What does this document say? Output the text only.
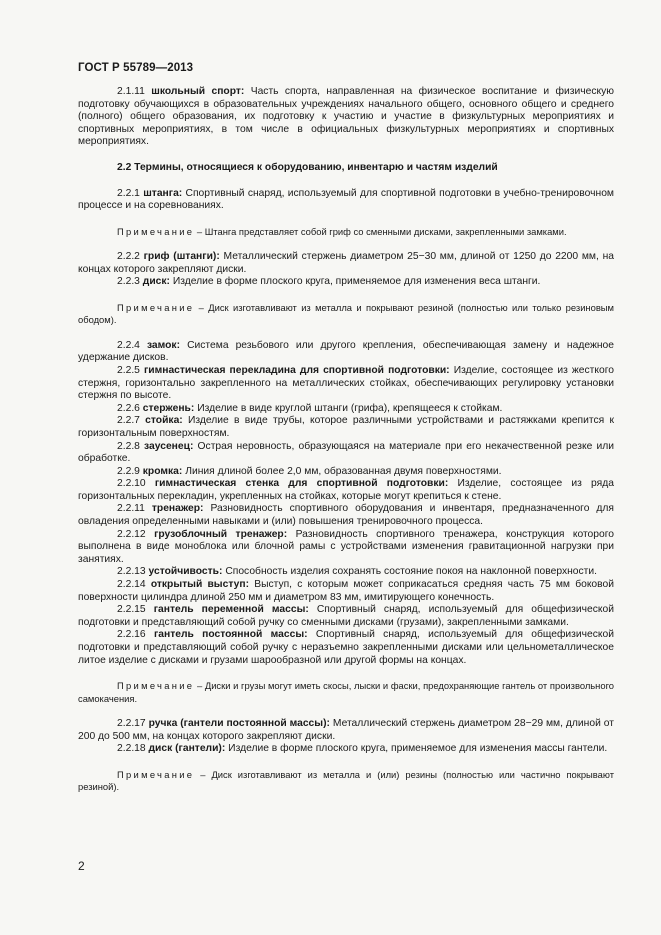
ГОСТ Р 55789—2013

2.1.11 школьный спорт: Часть спорта, направленная на физическое воспитание и физическую подготовку обучающихся в образовательных учреждениях начального общего, основного общего и среднего (полного) общего образования, их подготовку к участию и участие в физкультурных мероприятиях и спортивных мероприятиях, в том числе в официальных физкультурных мероприятиях и спортивных мероприятиях.

2.2 Термины, относящиеся к оборудованию, инвентарю и частям изделий

2.2.1 штанга: Спортивный снаряд, используемый для спортивной подготовки в учебно-тренировочном процессе и на соревнованиях.

Примечание – Штанга представляет собой гриф со сменными дисками, закрепленными замками.

2.2.2 гриф (штанги): Металлический стержень диаметром 25−30 мм, длиной от 1250 до 2200 мм, на концах которого закрепляют диски.

2.2.3 диск: Изделие в форме плоского круга, применяемое для изменения веса штанги.

Примечание – Диск изготавливают из металла и покрывают резиной (полностью или только резиновым ободом).

2.2.4 замок: Система резьбового или другого крепления, обеспечивающая замену и надежное удержание дисков.

2.2.5 гимнастическая перекладина для спортивной подготовки: Изделие, состоящее из жесткого стержня, горизонтально закрепленного на металлических стойках, обеспечивающих регулировку установки стержня по высоте.

2.2.6 стержень: Изделие в виде круглой штанги (грифа), крепящееся к стойкам.

2.2.7 стойка: Изделие в виде трубы, которое различными устройствами и растяжками крепится к горизонтальным поверхностям.

2.2.8 заусенец: Острая неровность, образующаяся на материале при его некачественной резке или обработке.

2.2.9 кромка: Линия длиной более 2,0 мм, образованная двумя поверхностями.

2.2.10 гимнастическая стенка для спортивной подготовки: Изделие, состоящее из ряда горизонтальных перекладин, укрепленных на стойках, которые могут крепиться к стене.

2.2.11 тренажер: Разновидность спортивного оборудования и инвентаря, предназначенного для овладения определенными навыками и (или) повышения тренировочного процесса.

2.2.12 грузоблочный тренажер: Разновидность спортивного тренажера, конструкция которого выполнена в виде моноблока или блочной рамы с устройствами изменения гравитационной нагрузки при занятиях.

2.2.13 устойчивость: Способность изделия сохранять состояние покоя на наклонной поверхности.

2.2.14 открытый выступ: Выступ, с которым может соприкасаться средняя часть 75 мм боковой поверхности цилиндра длиной 250 мм и диаметром 83 мм, имитирующего конечность.

2.2.15 гантель переменной массы: Спортивный снаряд, используемый для общефизической подготовки и представляющий собой ручку со сменными дисками (грузами), закрепленными замками.

2.2.16 гантель постоянной массы: Спортивный снаряд, используемый для общефизической подготовки и представляющий собой ручку с неразъемно закрепленными дисками или цельнометаллическое литое изделие с дисками и грузами шарообразной или другой формы на концах.

Примечание – Диски и грузы могут иметь скосы, лыски и фаски, предохраняющие гантель от произвольного самокачения.

2.2.17 ручка (гантели постоянной массы): Металлический стержень диаметром 28−29 мм, длиной от 200 до 500 мм, на концах которого закрепляют диски.

2.2.18 диск (гантели): Изделие в форме плоского круга, применяемое для изменения массы гантели.

Примечание – Диск изготавливают из металла и (или) резины (полностью или частично покрывают резиной).

2
